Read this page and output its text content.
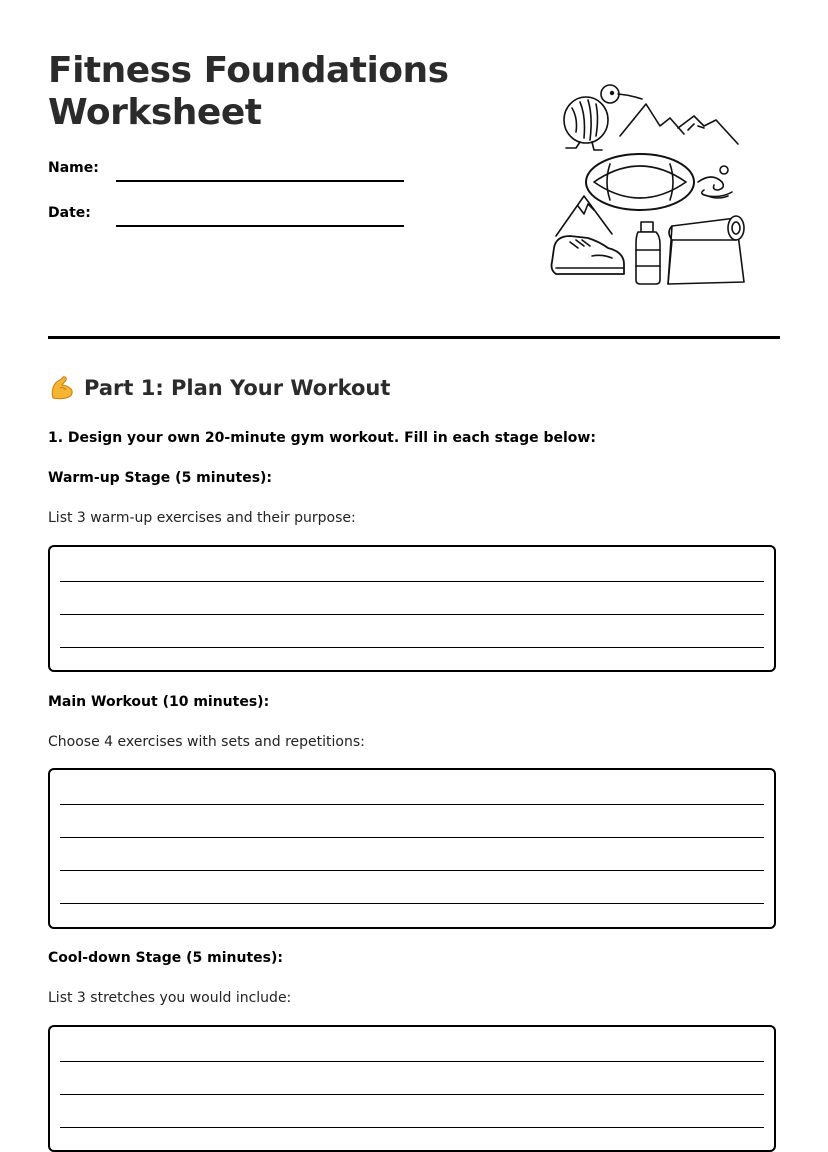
Fitness Foundations
Worksheet
Name:
Date:
Part 1: Plan Your Workout
1. Design your own 20-minute gym workout. Fill in each stage below:
Warm-up Stage (5 minutes):
List 3 warm-up exercises and their purpose:
Main Workout (10 minutes):
Choose 4 exercises with sets and repetitions:
Cool-down Stage (5 minutes):
List 3 stretches you would include:
